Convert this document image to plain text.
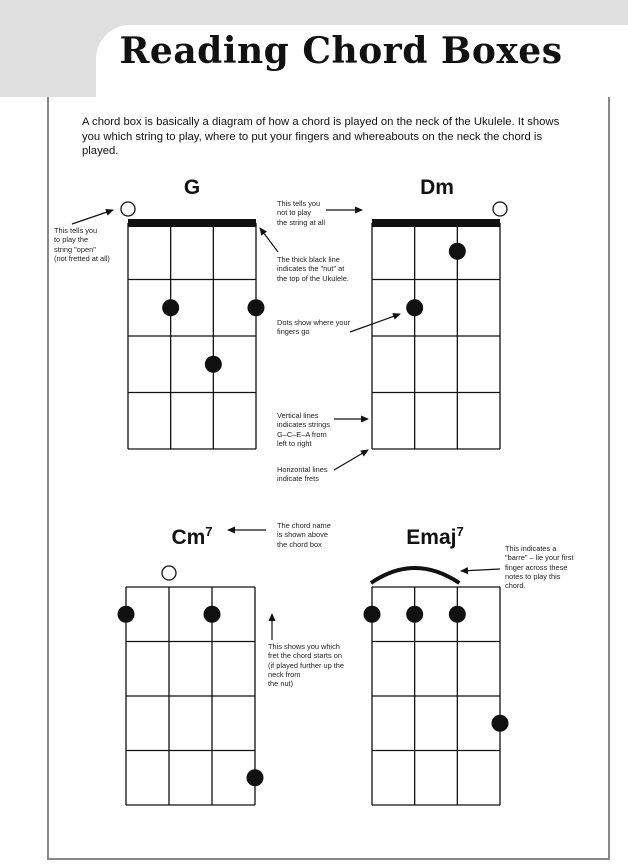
Reading Chord Boxes
A chord box is basically a diagram of how a chord is played on the neck of the Ukulele. It shows you which string to play, where to put your fingers and whereabouts on the neck the chord is played.
This tells you
to play the
string "open"
(not fretted at all)
This tells you
not to play
the string at all
The thick black line
indicates the "nut" at
the top of the Ukulele.
Dots show where your
fingers go
Vertical lines
indicates strings
G–C–E–A from
left to right
Horizontal lines
indicate frets
The chord name
is shown above
the chord box	This indicates a
"barre" – lie your first
finger across these
notes to play this
chord.
This shows you which
fret the chord starts on
(if played further up the
neck from
the nut)
G	Dm
Cm$^7$	Emaj$^7$
